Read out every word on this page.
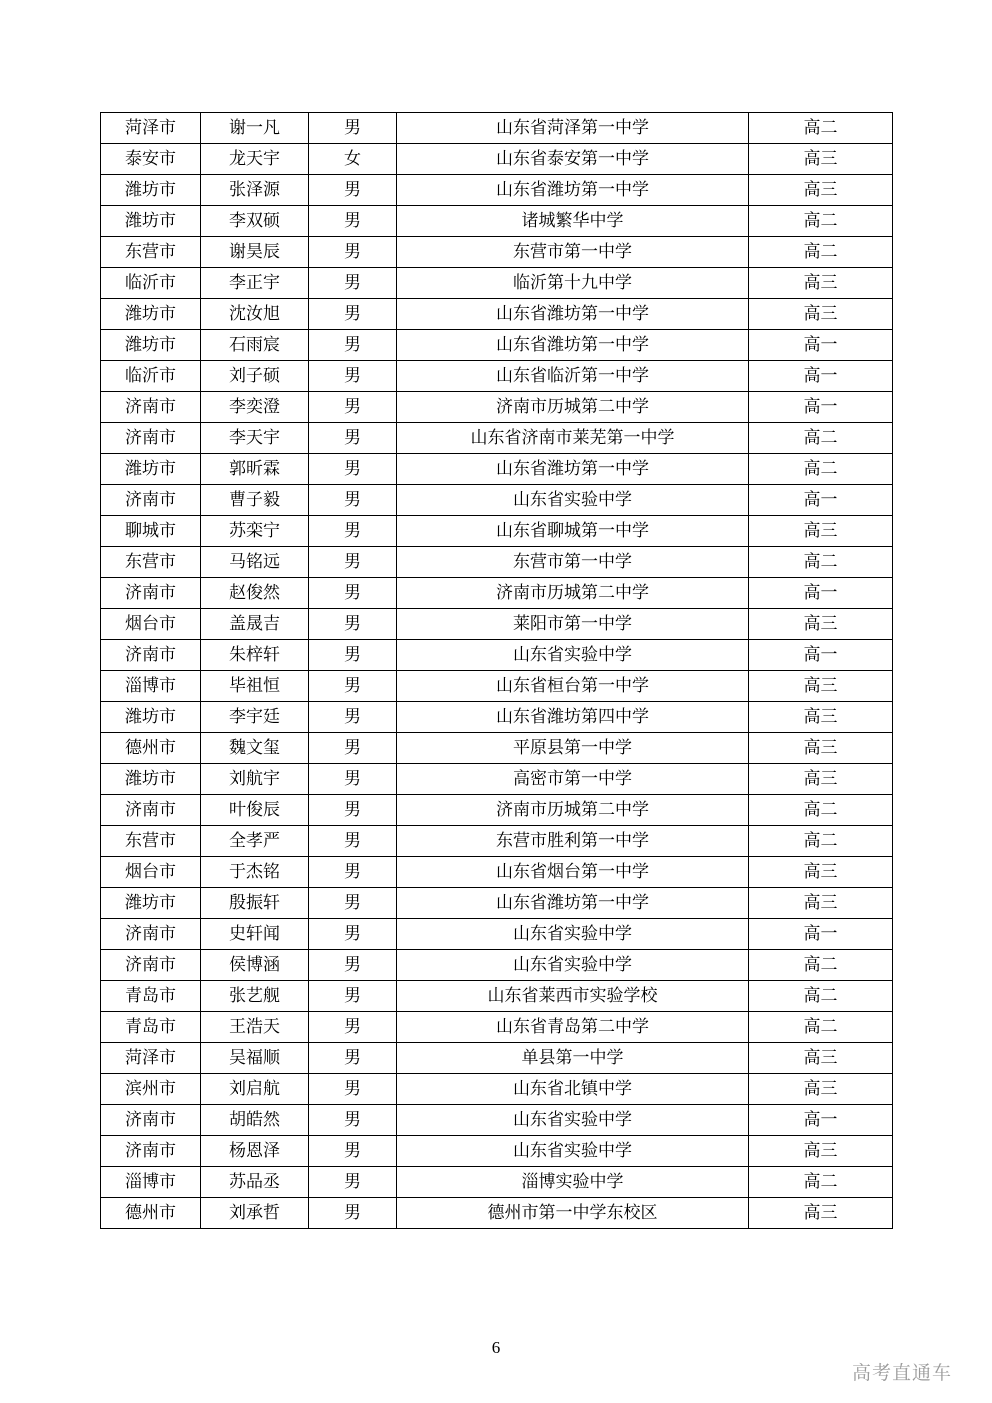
菏泽市	谢一凡	男	山东省菏泽第一中学	高二
泰安市	龙天宇	女	山东省泰安第一中学	高三
潍坊市	张泽源	男	山东省潍坊第一中学	高三
潍坊市	李双硕	男	诸城繁华中学	高二
东营市	谢昊辰	男	东营市第一中学	高二
临沂市	李正宇	男	临沂第十九中学	高三
潍坊市	沈汝旭	男	山东省潍坊第一中学	高三
潍坊市	石雨宸	男	山东省潍坊第一中学	高一
临沂市	刘子硕	男	山东省临沂第一中学	高一
济南市	李奕澄	男	济南市历城第二中学	高一
济南市	李天宇	男	山东省济南市莱芜第一中学	高二
潍坊市	郭昕霖	男	山东省潍坊第一中学	高二
济南市	曹子毅	男	山东省实验中学	高一
聊城市	苏栾宁	男	山东省聊城第一中学	高三
东营市	马铭远	男	东营市第一中学	高二
济南市	赵俊然	男	济南市历城第二中学	高一
烟台市	盖晟吉	男	莱阳市第一中学	高三
济南市	朱梓轩	男	山东省实验中学	高一
淄博市	毕祖恒	男	山东省桓台第一中学	高三
潍坊市	李宇廷	男	山东省潍坊第四中学	高三
德州市	魏文玺	男	平原县第一中学	高三
潍坊市	刘航宇	男	高密市第一中学	高三
济南市	叶俊辰	男	济南市历城第二中学	高二
东营市	全孝严	男	东营市胜利第一中学	高二
烟台市	于杰铭	男	山东省烟台第一中学	高三
潍坊市	殷振轩	男	山东省潍坊第一中学	高三
济南市	史轩闻	男	山东省实验中学	高一
济南市	侯博涵	男	山东省实验中学	高二
青岛市	张艺舰	男	山东省莱西市实验学校	高二
青岛市	王浩天	男	山东省青岛第二中学	高二
菏泽市	吴福顺	男	单县第一中学	高三
滨州市	刘启航	男	山东省北镇中学	高三
济南市	胡皓然	男	山东省实验中学	高一
济南市	杨恩泽	男	山东省实验中学	高三
淄博市	苏品丞	男	淄博实验中学	高二
德州市	刘承哲	男	德州市第一中学东校区	高三
6
高考直通车
